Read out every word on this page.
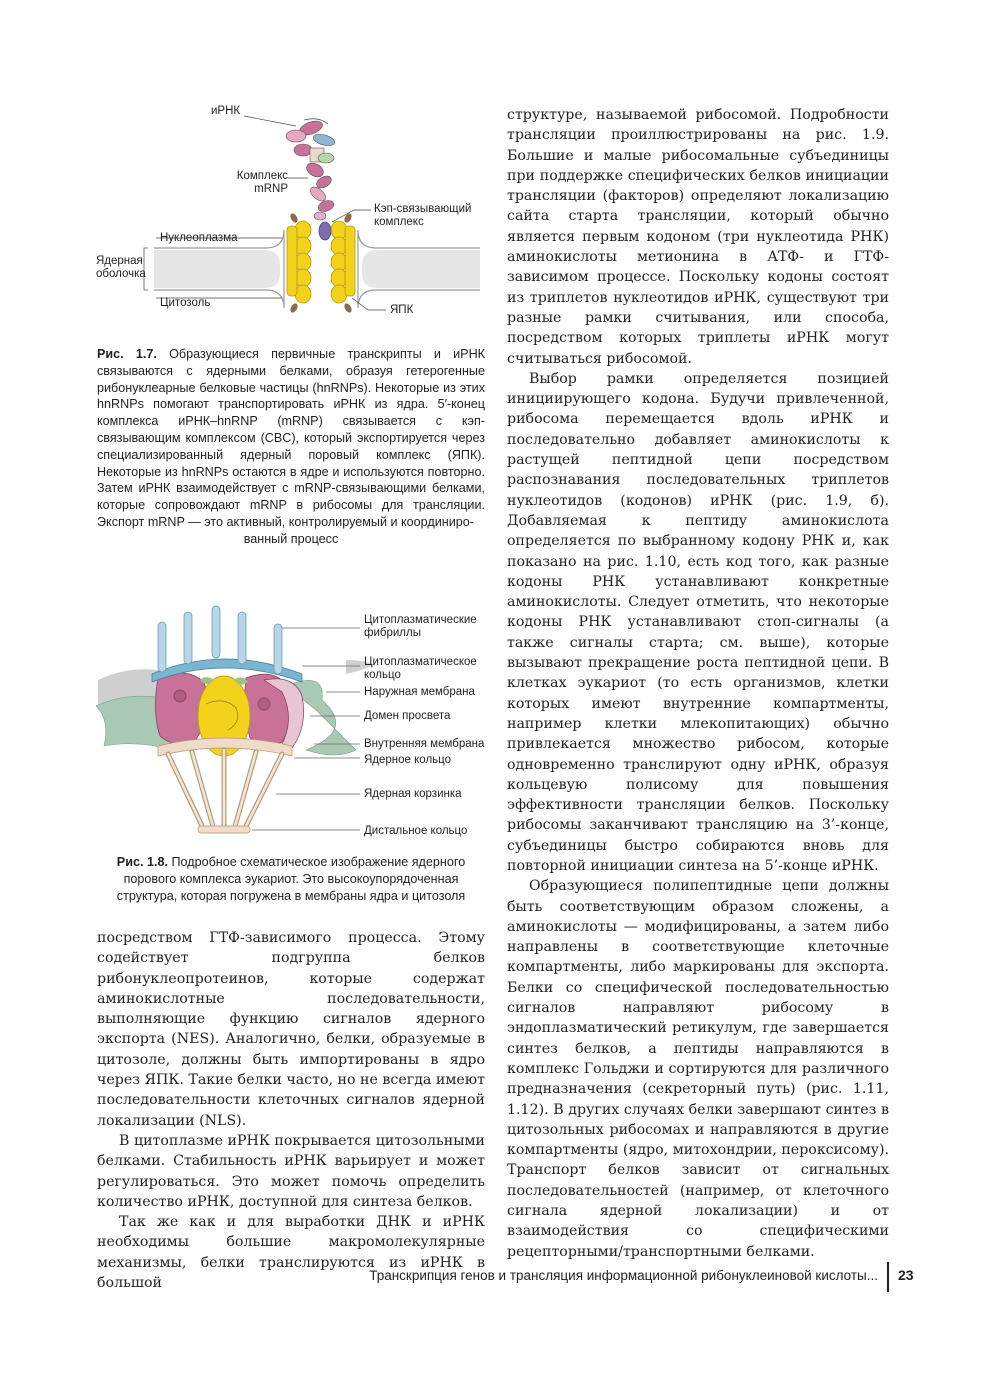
иРНК
Комплекс
mRNP
Кэп-связывающий
комплекс
Нуклеоплазма
Ядерная
оболочка
Цитозоль
ЯПК
Рис. 1.7. Образующиеся первичные транскрипты и иРНК связываются с ядерными белками, образуя гетерогенные рибонуклеарные белковые частицы (hnRNPs). Некоторые из этих hnRNPs помогают транспортировать иРНК из ядра. 5′-конец комплекса иРНК–hnRNP (mRNP) связывается с кэп-связывающим комплексом (CBC), который экспортируется через специализированный ядерный поровый комплекс (ЯПК). Некоторые из hnRNPs остаются в ядре и используются повторно. Затем иРНК взаимодействует с mRNP-связывающими белками, которые сопровождают mRNP в рибосомы для трансляции. Экспорт mRNP — это активный, контролируемый и координиро-
ванный процесс
Цитоплазматические
фибриллы
Цитоплазматическое
кольцо
Наружная мембрана
Домен просвета
Внутренняя мембрана
Ядерное кольцо
Ядерная корзинка
Дистальное кольцо
Рис. 1.8. Подробное схематическое изображение ядерного порового комплекса эукариот. Это высокоупорядоченная структура, которая погружена в мембраны ядра и цитозоля

посредством ГТФ-зависимого процесса. Этому содействует подгруппа белков рибонуклеопротеинов, которые содержат аминокислотные последовательности, выполняющие функцию сигналов ядерного экспорта (NES). Аналогично, белки, образуемые в цитозоле, должны быть импортированы в ядро через ЯПК. Такие белки часто, но не всегда имеют последовательности клеточных сигналов ядерной локализации (NLS).

В цитоплазме иРНК покрывается цитозольными белками. Стабильность иРНК варьирует и может регулироваться. Это может помочь определить количество иРНК, доступной для синтеза белков.

Так же как и для выработки ДНК и иРНК необходимы большие макромолекулярные механизмы, белки транслируются из иРНК в большой

структуре, называемой рибосомой. Подробности трансляции проиллюстрированы на рис. 1.9. Большие и малые рибосомальные субъединицы при поддержке специфических белков инициации трансляции (факторов) определяют локализацию сайта старта трансляции, который обычно является первым кодоном (три нуклеотида РНК) аминокислоты метионина в АТФ- и ГТФ-зависимом процессе. Поскольку кодоны состоят из триплетов нуклеотидов иРНК, существуют три разные рамки считывания, или способа, посредством которых триплеты иРНК могут считываться рибосомой.

Выбор рамки определяется позицией инициирующего кодона. Будучи привлеченной, рибосома перемещается вдоль иРНК и последовательно добавляет аминокислоты к растущей пептидной цепи посредством распознавания последовательных триплетов нуклеотидов (кодонов) иРНК (рис. 1.9, б). Добавляемая к пептиду аминокислота определяется по выбранному кодону РНК и, как показано на рис. 1.10, есть код того, как разные кодоны РНК устанавливают конкретные аминокислоты. Следует отметить, что некоторые кодоны РНК устанавливают стоп-сигналы (а также сигналы старта; см. выше), которые вызывают прекращение роста пептидной цепи. В клетках эукариот (то есть организмов, клетки которых имеют внутренние компартменты, например клетки млекопитающих) обычно привлекается множество рибосом, которые одновременно транслируют одну иРНК, образуя кольцевую полисому для повышения эффективности трансляции белков. Поскольку рибосомы заканчивают трансляцию на 3’-конце, субъединицы быстро собираются вновь для повторной инициации синтеза на 5’-конце иРНК.

Образующиеся полипептидные цепи должны быть соответствующим образом сложены, а аминокислоты — модифицированы, а затем либо направлены в соответствующие клеточные компартменты, либо маркированы для экспорта. Белки со специфической последовательностью сигналов направляют рибосому в эндоплазматический ретикулум, где завершается синтез белков, а пептиды направляются в комплекс Гольджи и сортируются для различного предназначения (секреторный путь) (рис. 1.11, 1.12). В других случаях белки завершают синтез в цитозольных рибосомах и направляются в другие компартменты (ядро, митохондрии, пероксисому). Транспорт белков зависит от сигнальных последовательностей (например, от клеточного сигнала ядерной локализации) и от взаимодействия со специфическими рецепторными/транспортными белками.

Транскрипция генов и трансляция информационной рибонуклеиновой кислоты... 23
